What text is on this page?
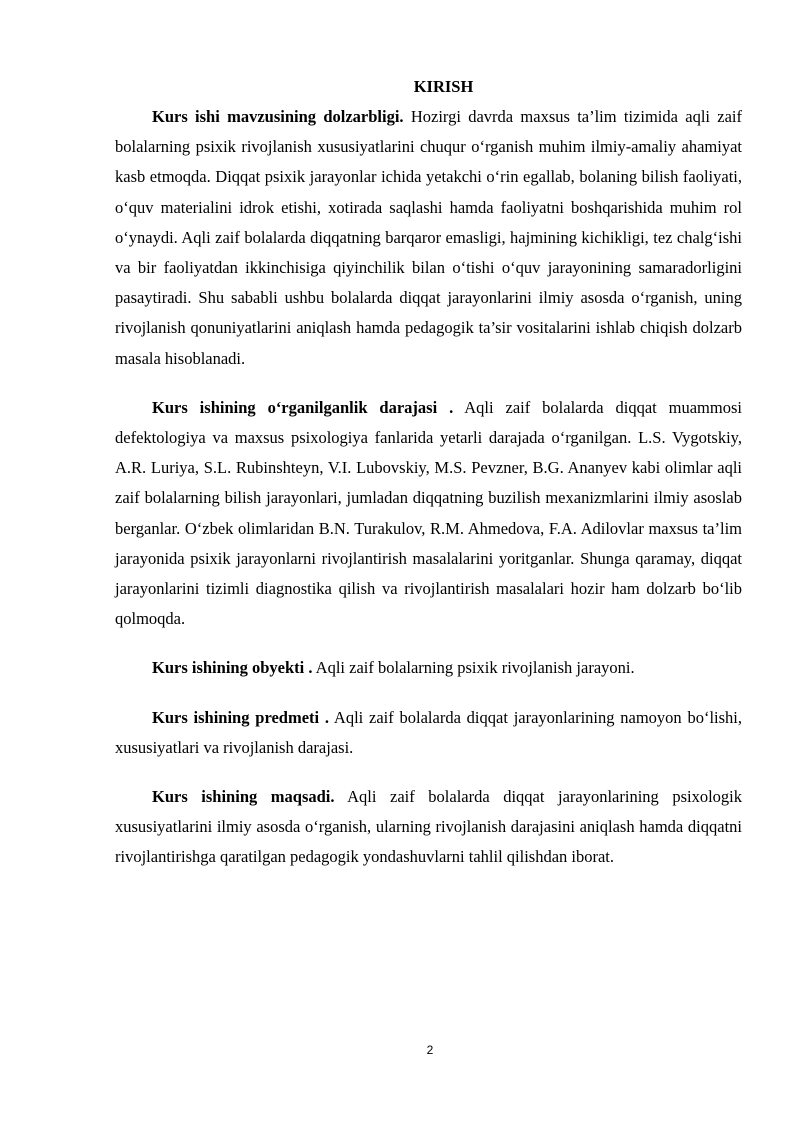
KIRISH

Kurs ishi mavzusining dolzarbligi. Hozirgi davrda maxsus ta’lim tizimida aqli zaif bolalarning psixik rivojlanish xususiyatlarini chuqur o‘rganish muhim ilmiy-amaliy ahamiyat kasb etmoqda. Diqqat psixik jarayonlar ichida yetakchi o‘rin egallab, bolaning bilish faoliyati, o‘quv materialini idrok etishi, xotirada saqlashi hamda faoliyatni boshqarishida muhim rol o‘ynaydi. Aqli zaif bolalarda diqqatning barqaror emasligi, hajmining kichikligi, tez chalg‘ishi va bir faoliyatdan ikkinchisiga qiyinchilik bilan o‘tishi o‘quv jarayonining samaradorligini pasaytiradi. Shu sababli ushbu bolalarda diqqat jarayonlarini ilmiy asosda o‘rganish, uning rivojlanish qonuniyatlarini aniqlash hamda pedagogik ta’sir vositalarini ishlab chiqish dolzarb masala hisoblanadi.

Kurs ishining o‘rganilganlik darajasi . Aqli zaif bolalarda diqqat muammosi defektologiya va maxsus psixologiya fanlarida yetarli darajada o‘rganilgan. L.S. Vygotskiy, A.R. Luriya, S.L. Rubinshteyn, V.I. Lubovskiy, M.S. Pevzner, B.G. Ananyev kabi olimlar aqli zaif bolalarning bilish jarayonlari, jumladan diqqatning buzilish mexanizmlarini ilmiy asoslab berganlar. O‘zbek olimlaridan B.N. Turakulov, R.M. Ahmedova, F.A. Adilovlar maxsus ta’lim jarayonida psixik jarayonlarni rivojlantirish masalalarini yoritganlar. Shunga qaramay, diqqat jarayonlarini tizimli diagnostika qilish va rivojlantirish masalalari hozir ham dolzarb bo‘lib qolmoqda.

Kurs ishining obyekti . Aqli zaif bolalarning psixik rivojlanish jarayoni.

Kurs ishining predmeti . Aqli zaif bolalarda diqqat jarayonlarining namoyon bo‘lishi, xususiyatlari va rivojlanish darajasi.

Kurs ishining maqsadi. Aqli zaif bolalarda diqqat jarayonlarining psixologik xususiyatlarini ilmiy asosda o‘rganish, ularning rivojlanish darajasini aniqlash hamda diqqatni rivojlantirishga qaratilgan pedagogik yondashuvlarni tahlil qilishdan iborat.

2
